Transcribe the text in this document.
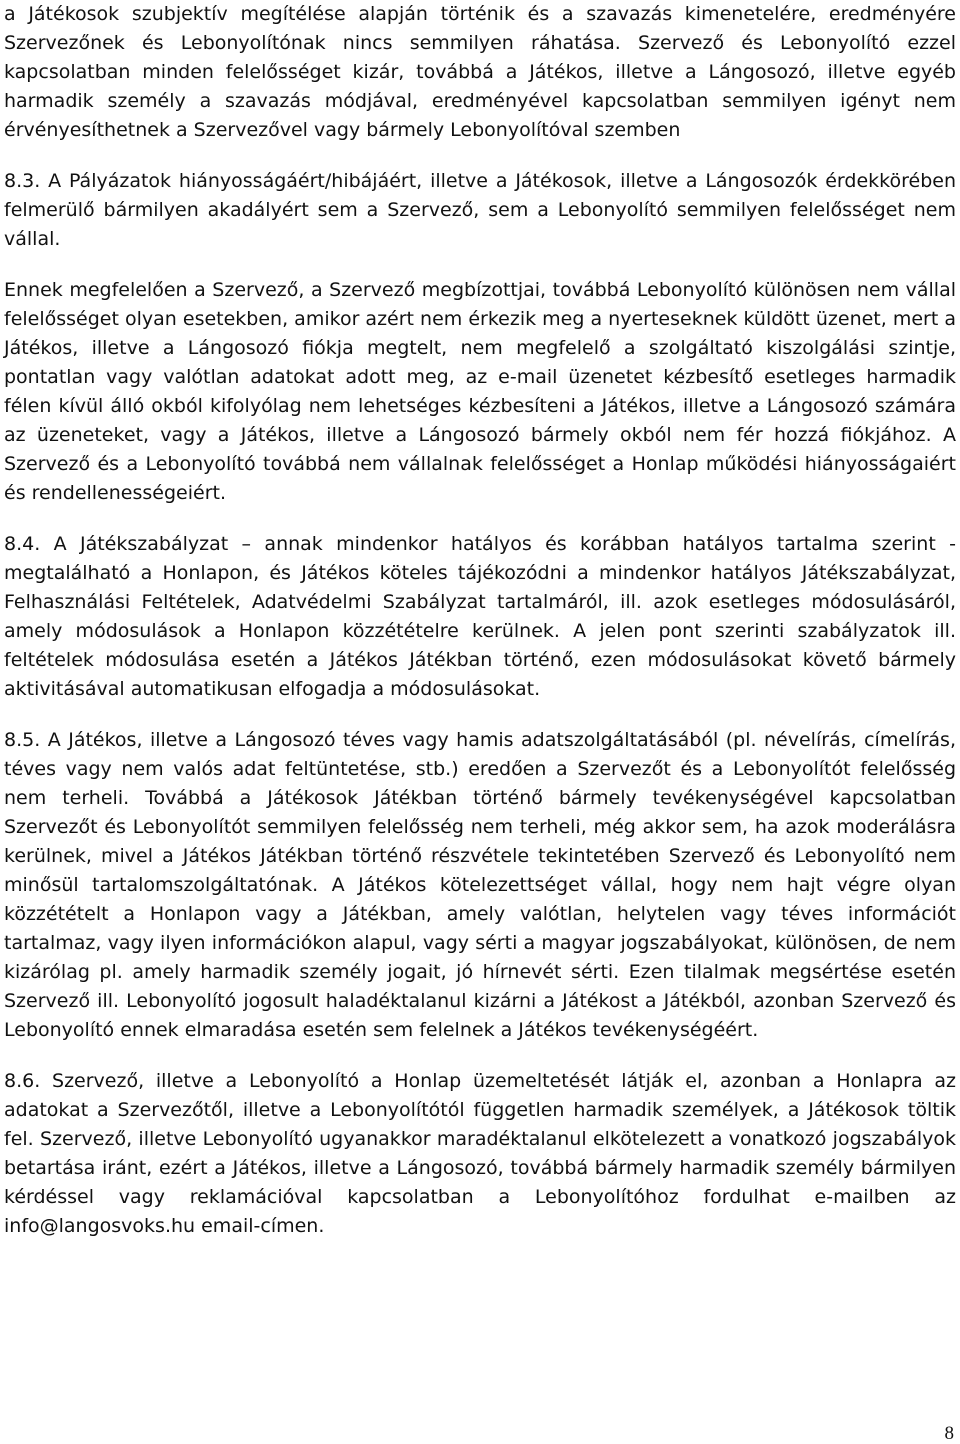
a Játékosok szubjektív megítélése alapján történik és a szavazás kimenetelére, eredményére Szervezőnek és Lebonyolítónak nincs semmilyen ráhatása. Szervező és Lebonyolító ezzel kapcsolatban minden felelősséget kizár, továbbá a Játékos, illetve a Lángosozó, illetve egyéb harmadik személy a szavazás módjával, eredményével kapcsolatban semmilyen igényt nem érvényesíthetnek a Szervezővel vagy bármely Lebonyolítóval szemben

8.3. A Pályázatok hiányosságáért/hibájáért, illetve a Játékosok, illetve a Lángosozók érdekkörében felmerülő bármilyen akadályért sem a Szervező, sem a Lebonyolító semmilyen felelősséget nem vállal.

Ennek megfelelően a Szervező, a Szervező megbízottjai, továbbá Lebonyolító különösen nem vállal felelősséget olyan esetekben, amikor azért nem érkezik meg a nyerteseknek küldött üzenet, mert a Játékos, illetve a Lángosozó fiókja megtelt, nem megfelelő a szolgáltató kiszolgálási szintje, pontatlan vagy valótlan adatokat adott meg, az e-mail üzenetet kézbesítő esetleges harmadik félen kívül álló okból kifolyólag nem lehetséges kézbesíteni a Játékos, illetve a Lángosozó számára az üzeneteket, vagy a Játékos, illetve a Lángosozó bármely okból nem fér hozzá fiókjához. A Szervező és a Lebonyolító továbbá nem vállalnak felelősséget a Honlap működési hiányosságaiért és rendellenességeiért.

8.4. A Játékszabályzat – annak mindenkor hatályos és korábban hatályos tartalma szerint - megtalálható a Honlapon, és Játékos köteles tájékozódni a mindenkor hatályos Játékszabályzat, Felhasználási Feltételek, Adatvédelmi Szabályzat tartalmáról, ill. azok esetleges módosulásáról, amely módosulások a Honlapon közzétételre kerülnek. A jelen pont szerinti szabályzatok ill. feltételek módosulása esetén a Játékos Játékban történő, ezen módosulásokat követő bármely aktivitásával automatikusan elfogadja a módosulásokat.

8.5. A Játékos, illetve a Lángosozó téves vagy hamis adatszolgáltatásából (pl. névelírás, címelírás, téves vagy nem valós adat feltüntetése, stb.) eredően a Szervezőt és a Lebonyolítót felelősség nem terheli. Továbbá a Játékosok Játékban történő bármely tevékenységével kapcsolatban Szervezőt és Lebonyolítót semmilyen felelősség nem terheli, még akkor sem, ha azok moderálásra kerülnek, mivel a Játékos Játékban történő részvétele tekintetében Szervező és Lebonyolító nem minősül tartalomszolgáltatónak. A Játékos kötelezettséget vállal, hogy nem hajt végre olyan közzétételt a Honlapon vagy a Játékban, amely valótlan, helytelen vagy téves információt tartalmaz, vagy ilyen információkon alapul, vagy sérti a magyar jogszabályokat, különösen, de nem kizárólag pl. amely harmadik személy jogait, jó hírnevét sérti. Ezen tilalmak megsértése esetén Szervező ill. Lebonyolító jogosult haladéktalanul kizárni a Játékost a Játékból, azonban Szervező és Lebonyolító ennek elmaradása esetén sem felelnek a Játékos tevékenységéért.

8.6. Szervező, illetve a Lebonyolító a Honlap üzemeltetését látják el, azonban a Honlapra az adatokat a Szervezőtől, illetve a Lebonyolítótól független harmadik személyek, a Játékosok töltik fel. Szervező, illetve Lebonyolító ugyanakkor maradéktalanul elkötelezett a vonatkozó jogszabályok betartása iránt, ezért a Játékos, illetve a Lángosozó, továbbá bármely harmadik személy bármilyen kérdéssel vagy reklamációval kapcsolatban a Lebonyolítóhoz fordulhat e-mailben az info@langosvoks.hu email-címen.

8
